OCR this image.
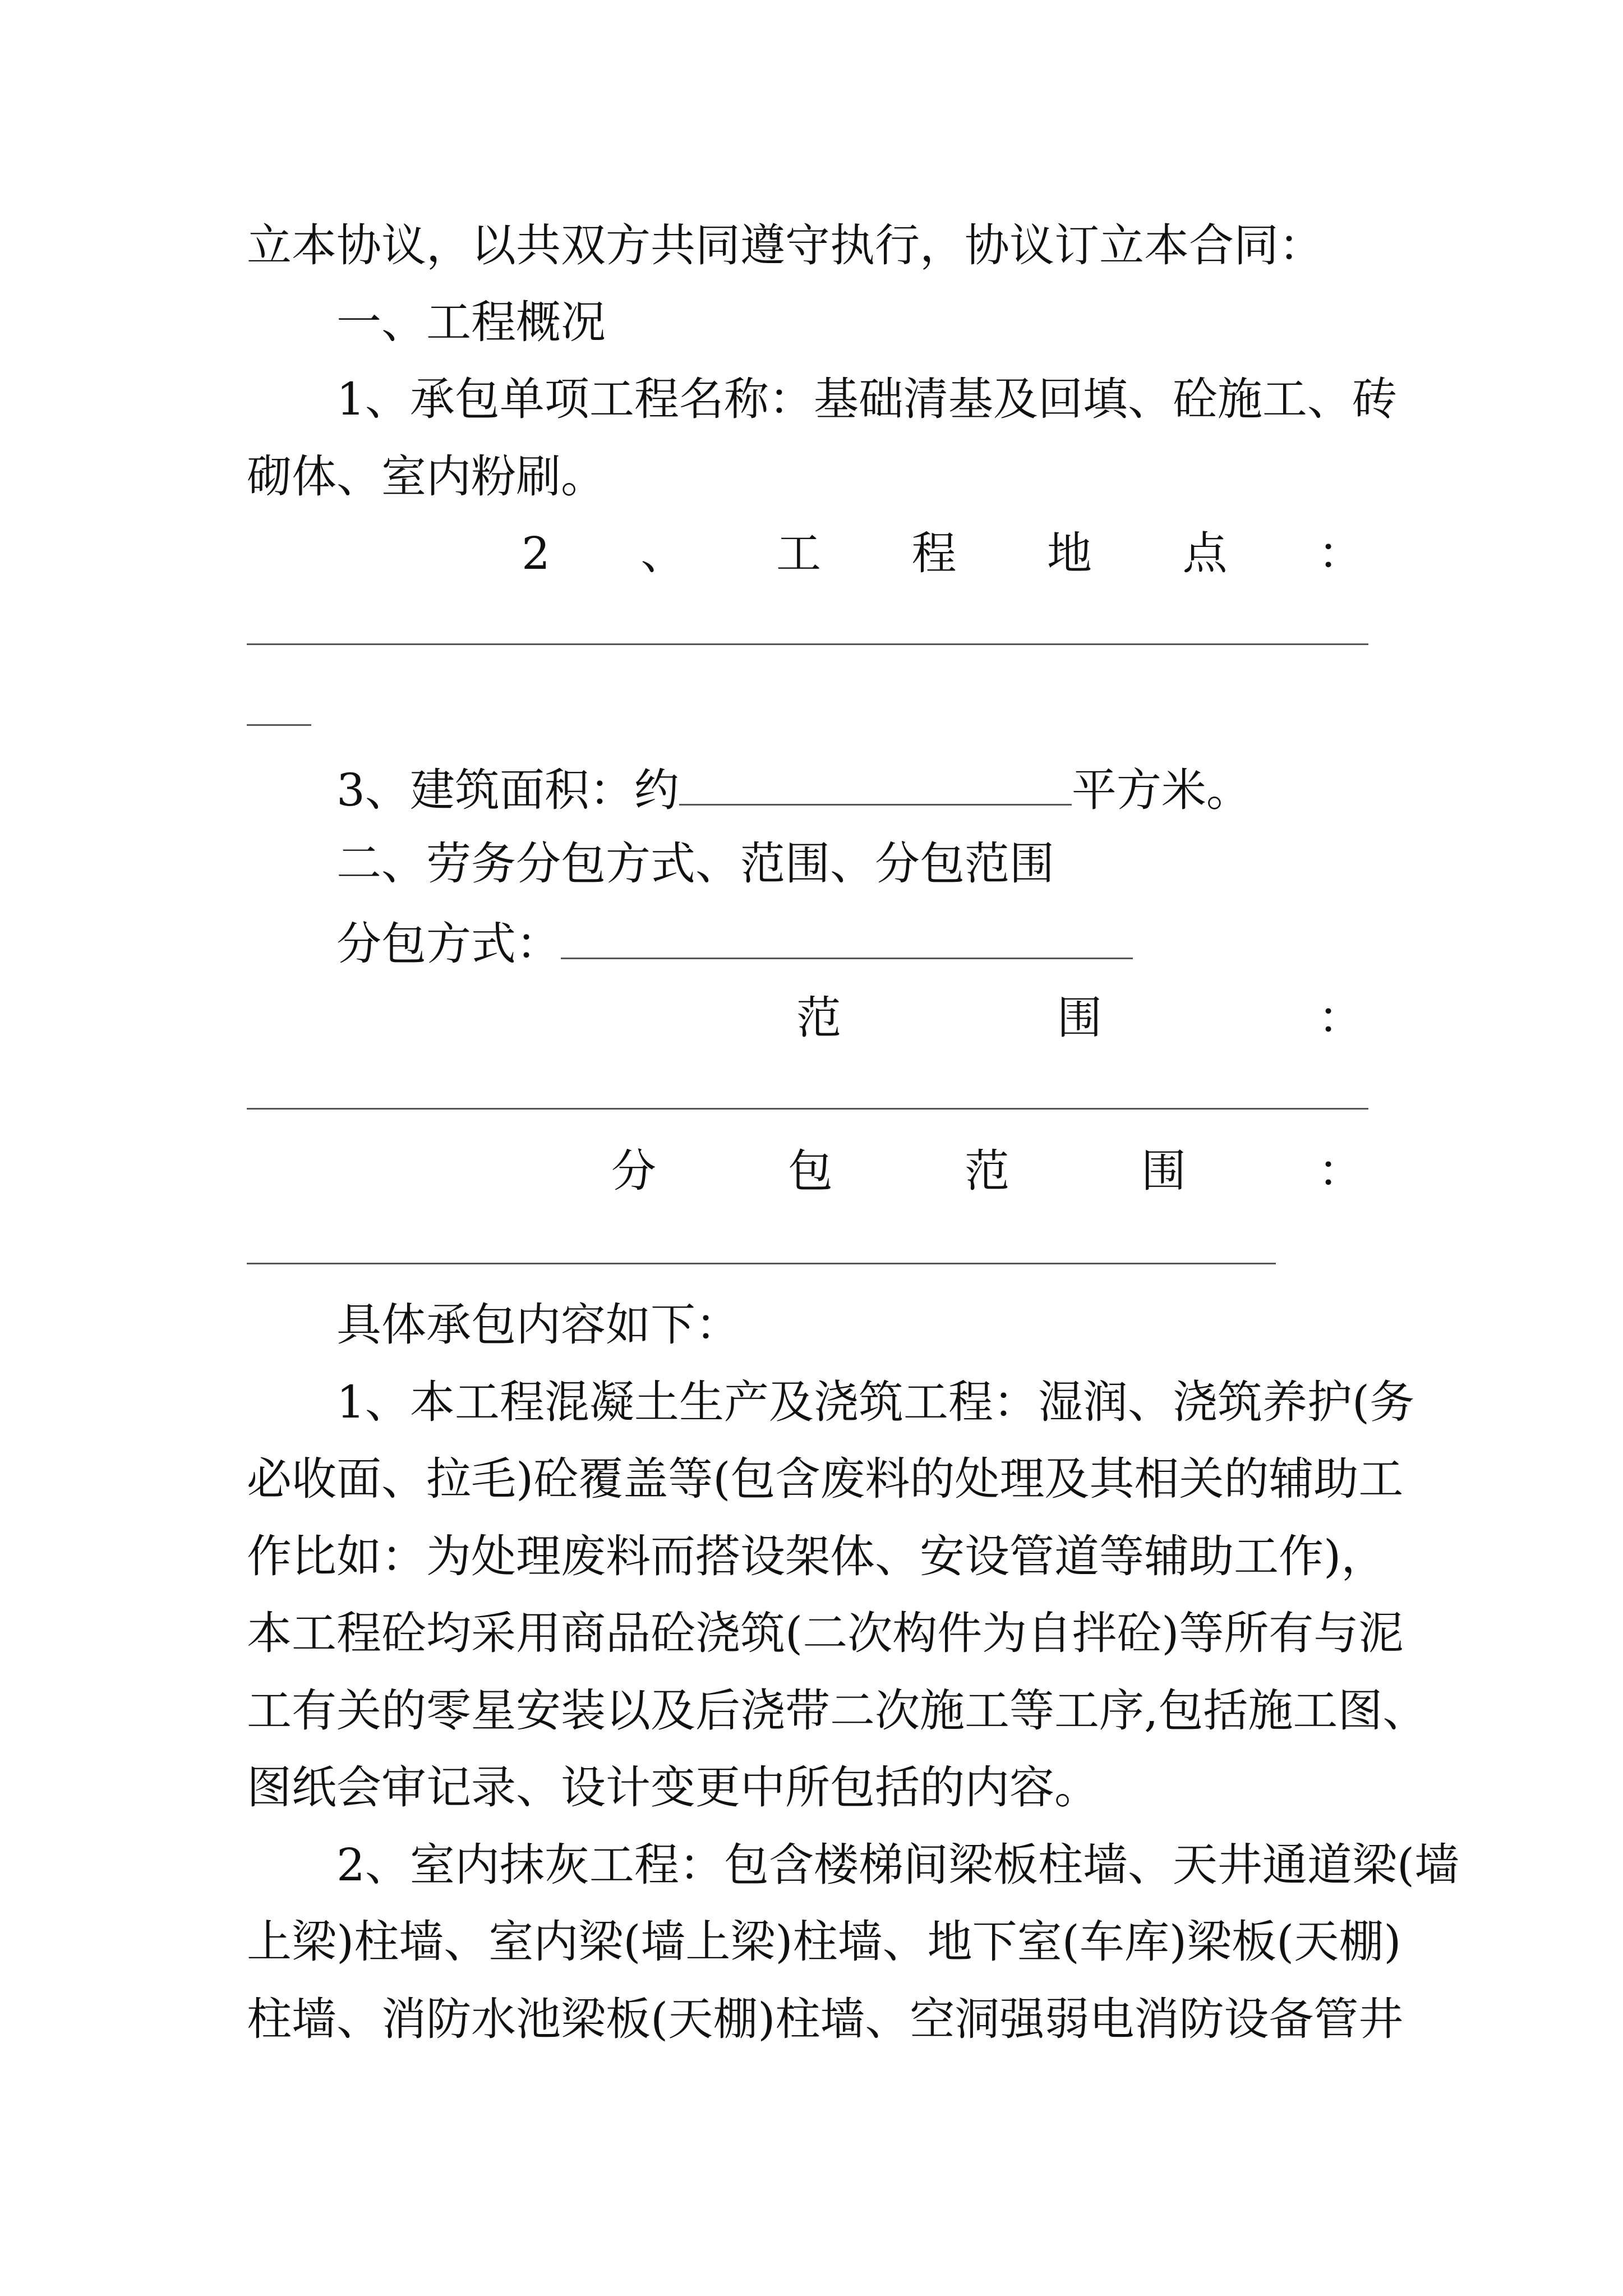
立本协议，以共双方共同遵守执行，协议订立本合同：

一、工程概况

1、承包单项工程名称：基础清基及回填、砼施工、砖

砌体、室内粉刷。

2 、 工 程 地 点 ：

3、建筑面积：约	平方米。

二、劳务分包方式、范围、分包范围

分包方式：

范	围	：
分	包	范	围	：

具体承包内容如下：

1、本工程混凝土生产及浇筑工程：湿润、浇筑养护(务

必收面、拉毛)砼覆盖等(包含废料的处理及其相关的辅助工

作比如：为处理废料而搭设架体、安设管道等辅助工作)，

本工程砼均采用商品砼浇筑(二次构件为自拌砼)等所有与泥

工有关的零星安装以及后浇带二次施工等工序,包括施工图、

图纸会审记录、设计变更中所包括的内容。

2、室内抹灰工程：包含楼梯间梁板柱墙、天井通道梁(墙

上梁)柱墙、室内梁(墙上梁)柱墙、地下室(车库)梁板(天棚)

柱墙、消防水池梁板(天棚)柱墙、空洞强弱电消防设备管井
